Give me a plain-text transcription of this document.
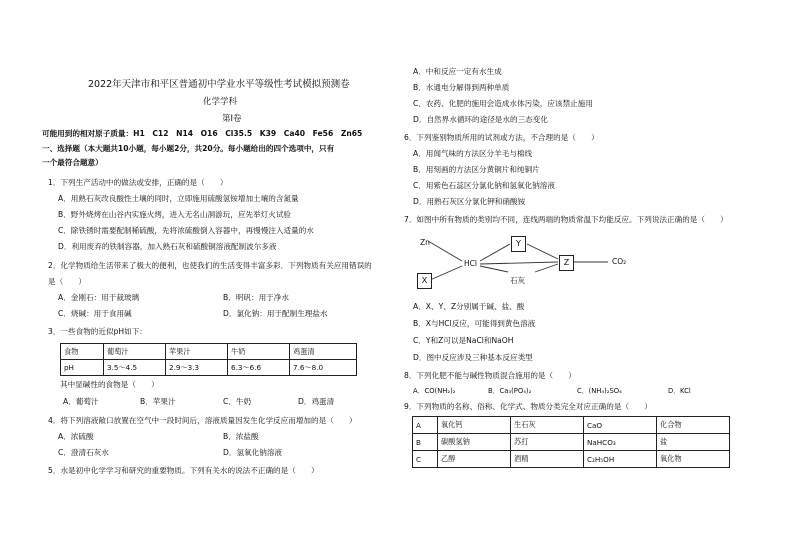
2022年天津市和平区普通初中学业水平等级性考试模拟预测卷
化学学科
第Ⅰ卷
可能用到的相对原子质量：H1　C12　N14　O16　Cl35.5　K39　Ca40　Fe56　Zn65
一、选择题（本大题共10小题，每小题2分，共20分。每小题给出的四个选项中，只有
一个最符合题意）
1．下列生产活动中的做法或安排，正确的是（　　）
A．用熟石灰改良酸性土壤的同时，立即施用硫酸氢铵增加土壤的含氮量
B．野外烧烤在山谷内实施火烤，进入无名山洞游玩，应先举灯火试验
C．除铁锈时需要配制稀硫酸，先将浓硫酸倒入容器中，再慢慢注入适量的水
D．利用废弃的铁制容器，加入熟石灰和硫酸铜溶液配制波尔多液
2．化学物质给生活带来了极大的便利，也使我们的生活变得丰富多彩．下列物质有关应用错误的
是（　　）
A．金刚石：用于裁玻璃	B．明矾：用于净水
C．烧碱：用于食用碱	D．氯化钠：用于配制生理盐水
3．一些食物的近似pH如下：
食物	葡萄汁	苹果汁	牛奶	鸡蛋清
pH	3.5～4.5	2.9～3.3	6.3～6.6	7.6～8.0
其中显碱性的食物是（　　）
A．葡萄汁	B．苹果汁	C．牛奶	D．鸡蛋清
4．将下列溶液敞口放置在空气中一段时间后，溶液质量因发生化学反应而增加的是（　　）
A．浓硫酸	B．浓盐酸
C．澄清石灰水	D．氢氧化钠溶液
5．水是初中化学学习和研究的重要物质。下列有关水的说法不正确的是（　　）
A．中和反应一定有水生成
B．水通电分解得到两种单质
C．农药、化肥的施用会造成水体污染，应该禁止施用
D．自然界水循环的途径是水的三态变化
6．下列鉴别物质所用的试剂或方法，不合理的是（　　）
A．用闻气味的方法区分羊毛与棉线
B．用刻画的方法区分黄铜片和纯铜片
C．用紫色石蕊区分氯化钠和氢氧化钠溶液
D．用熟石灰区分氯化钾和硝酸铵
7．如图中所有物质的类别均不同，连线两端的物质常温下均能反应。下列说法正确的是（　　）
Zn
X
HCl
Y
石灰
Z	CO₂
A．X、Y、Z分别属于碱、盐、酸
B．X与HCl反应，可能得到黄色溶液
C．Y和Z可以是NaCl和NaOH
D．图中反应涉及三种基本反应类型
8．下列化肥不能与碱性物质混合施用的是（　　）
A．CO(NH₂)₂	B．Ca₃(PO₄)₂	C．(NH₄)₂SO₄	D．KCl
9．下列物质的名称、俗称、化学式、物质分类完全对应正确的是（　　）
A	氧化钙	生石灰	CaO	化合物
B	碳酸氢钠	苏打	NaHCO₃	盐
C	乙醇	酒精	C₂H₅OH	氧化物
